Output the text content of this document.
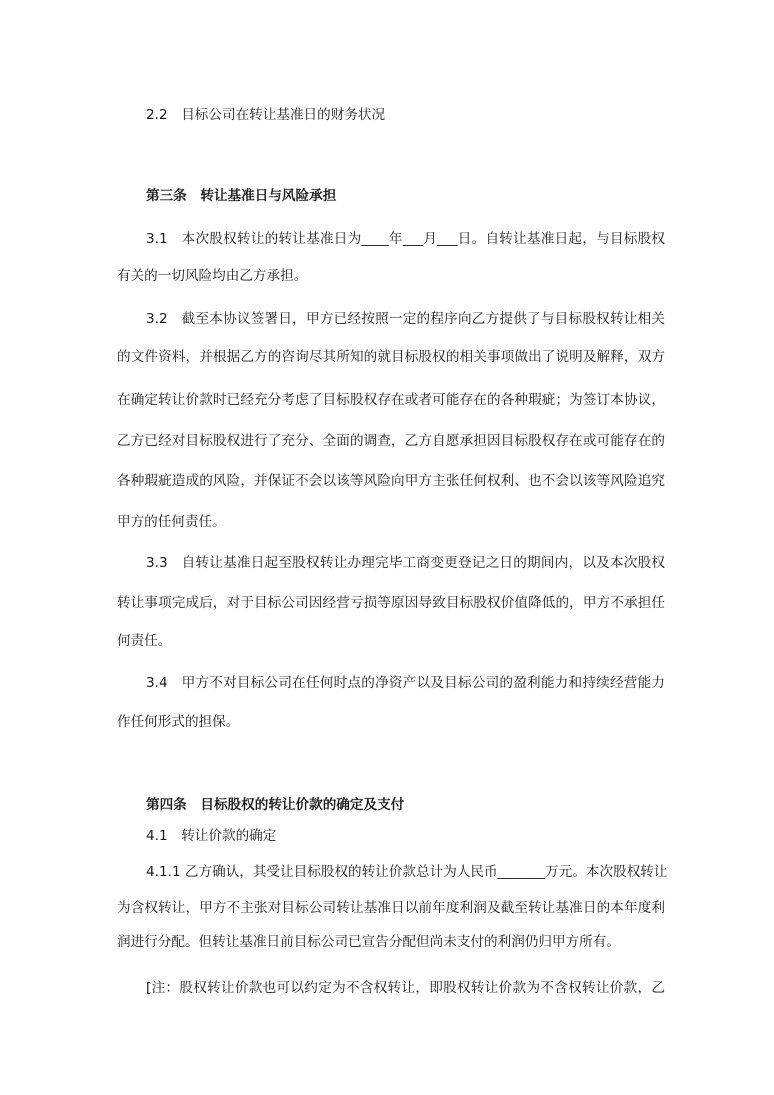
2.2　目标公司在转让基准日的财务状况
第三条　转让基准日与风险承担
3.1　本次股权转让的转让基准日为____年___月___日。自转让基准日起，与目标股权
有关的一切风险均由乙方承担。
3.2　截至本协议签署日，甲方已经按照一定的程序向乙方提供了与目标股权转让相关
的文件资料，并根据乙方的咨询尽其所知的就目标股权的相关事项做出了说明及解释，双方
在确定转让价款时已经充分考虑了目标股权存在或者可能存在的各种瑕疵；为签订本协议，
乙方已经对目标股权进行了充分、全面的调查，乙方自愿承担因目标股权存在或可能存在的
各种瑕疵造成的风险，并保证不会以该等风险向甲方主张任何权利、也不会以该等风险追究
甲方的任何责任。
3.3　自转让基准日起至股权转让办理完毕工商变更登记之日的期间内，以及本次股权
转让事项完成后，对于目标公司因经营亏损等原因导致目标股权价值降低的，甲方不承担任
何责任。
3.4　甲方不对目标公司在任何时点的净资产以及目标公司的盈利能力和持续经营能力
作任何形式的担保。
第四条　目标股权的转让价款的确定及支付
4.1　转让价款的确定
4.1.1 乙方确认，其受让目标股权的转让价款总计为人民币_______万元。本次股权转让
为含权转让，甲方不主张对目标公司转让基准日以前年度利润及截至转让基准日的本年度利
润进行分配。但转让基准日前目标公司已宣告分配但尚未支付的利润仍归甲方所有。
[注：股权转让价款也可以约定为不含权转让，即股权转让价款为不含权转让价款，乙
